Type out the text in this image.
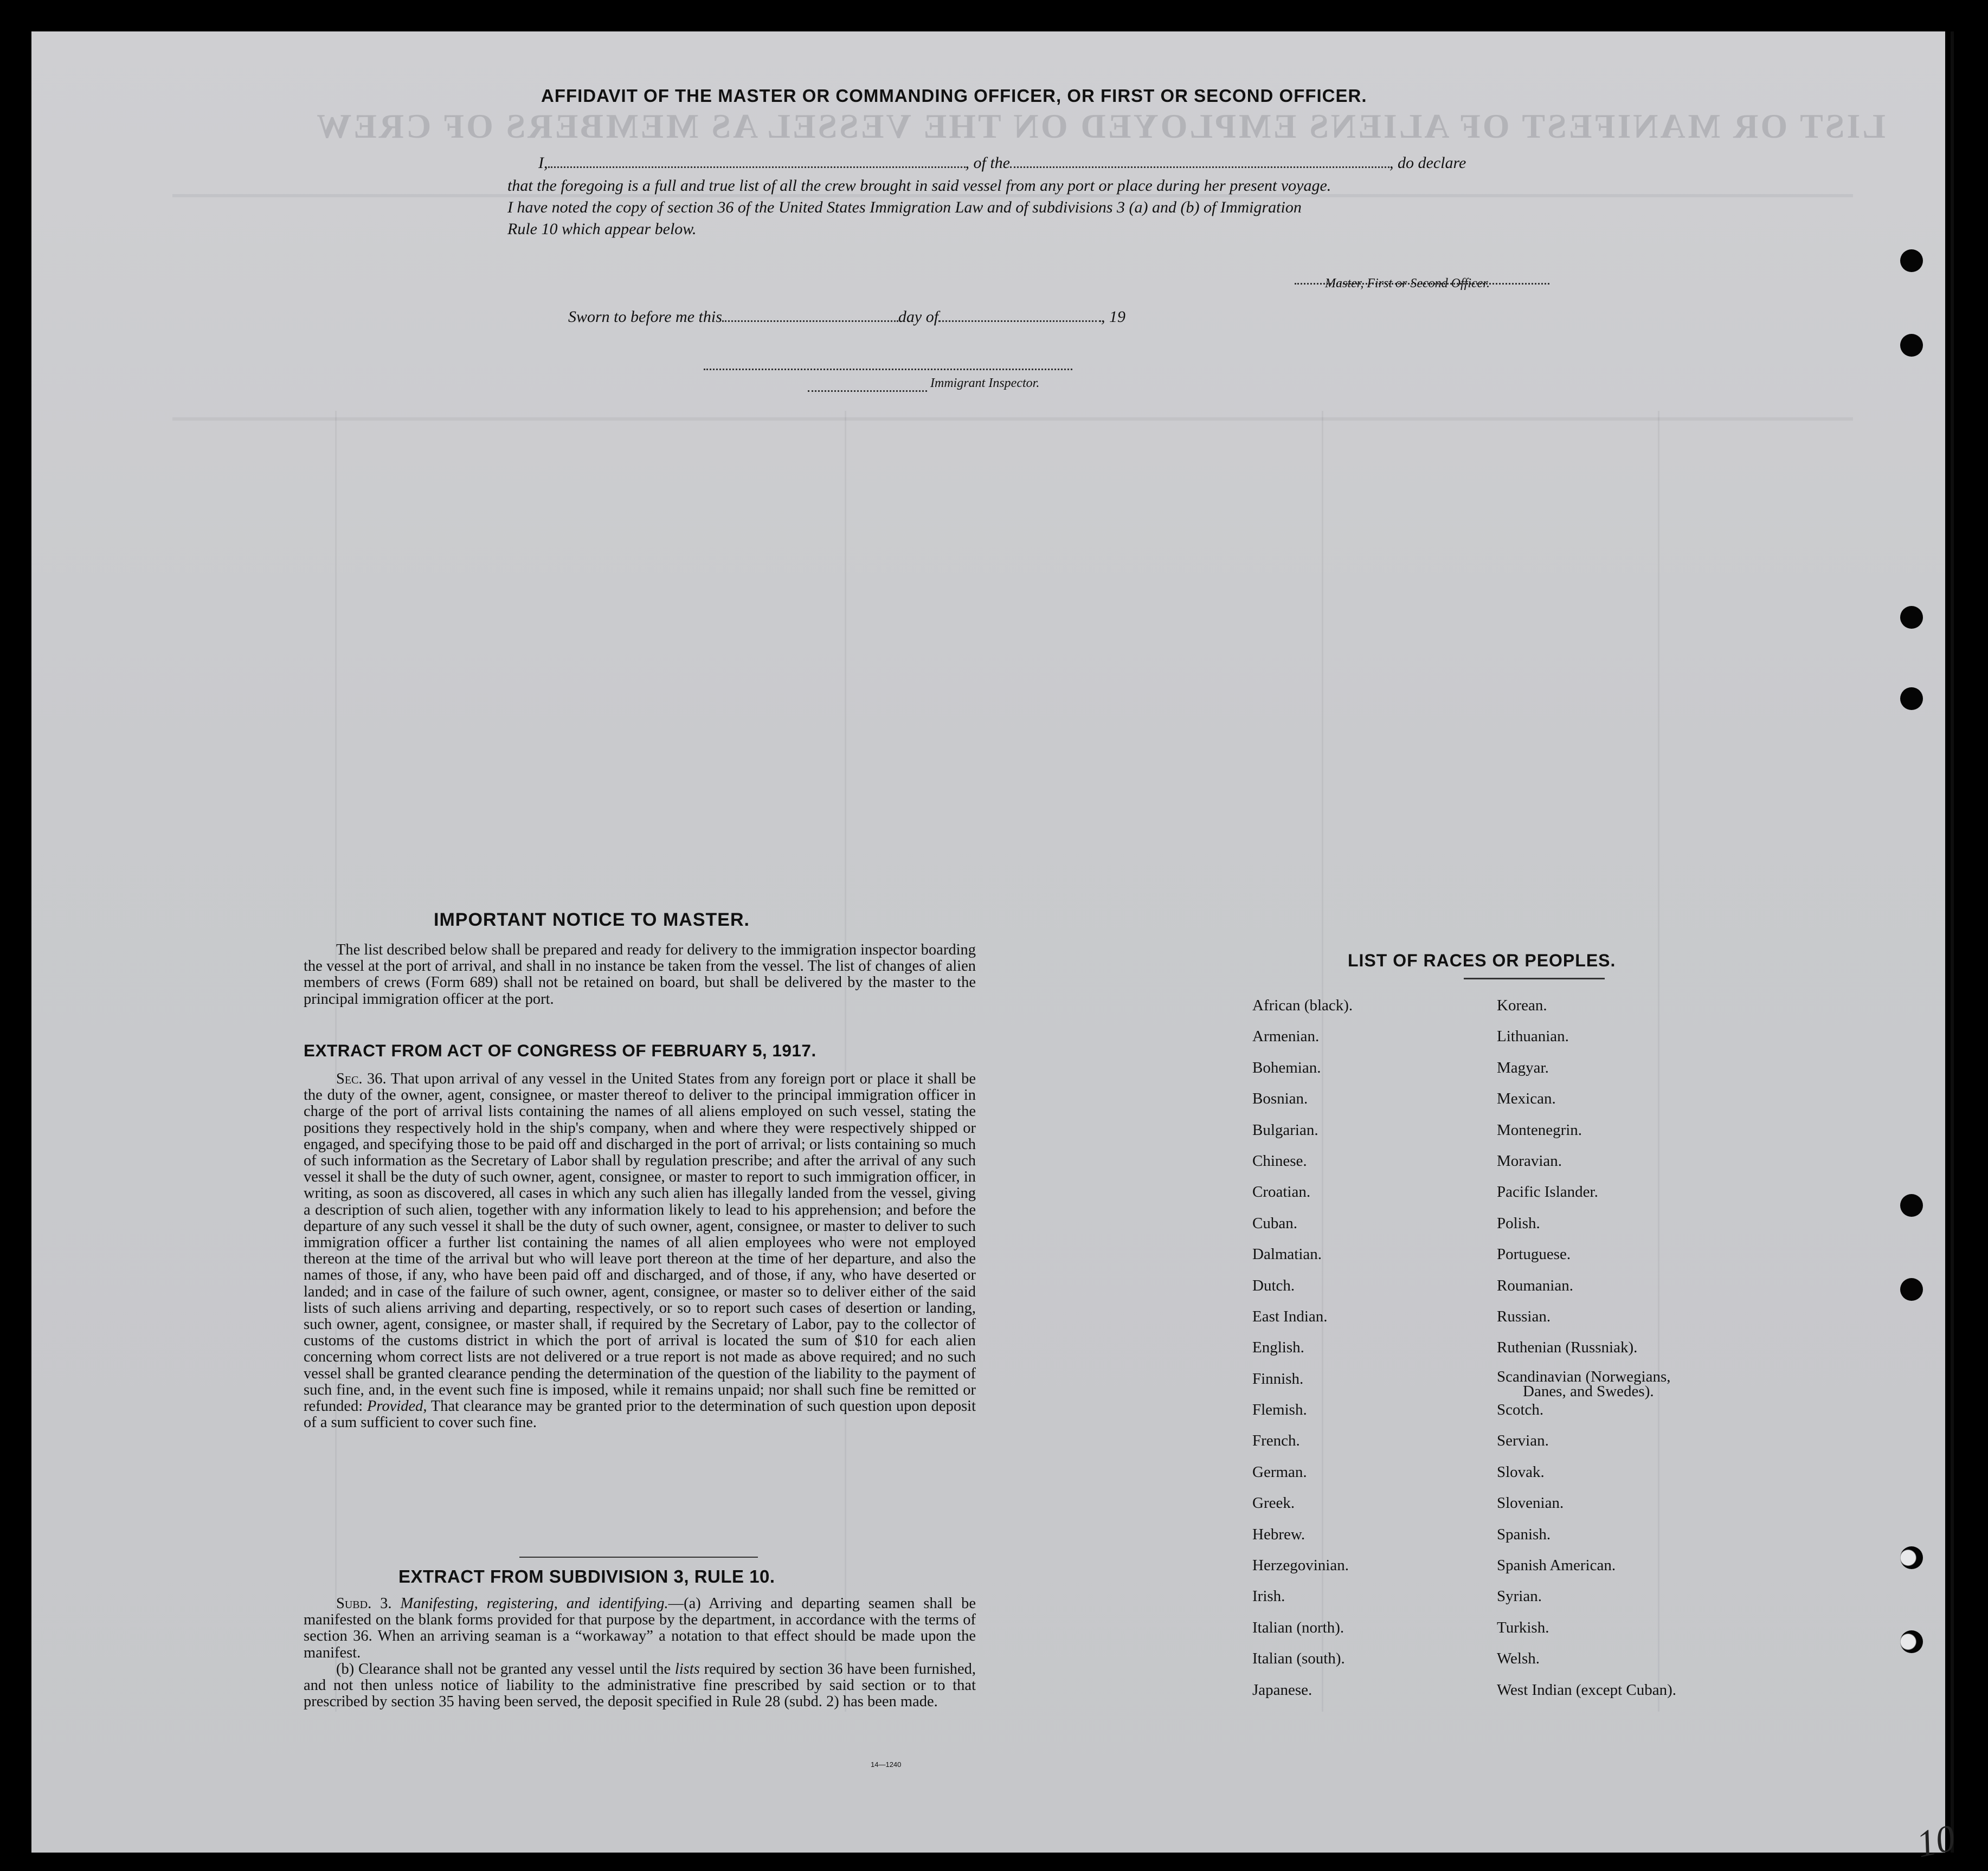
LIST OR MANIFEST OF ALIENS EMPLOYED ON THE VESSEL AS MEMBERS OF CREW
AFFIDAVIT OF THE MASTER OR COMMANDING OFFICER, OR FIRST OR SECOND OFFICER.
I,	, of the	, do declare
that the foregoing is a full and true list of all the crew brought in said vessel from any port or place during her present voyage.
I have noted the copy of section 36 of the United States Immigration Law and of subdivisions 3 (a) and (b) of Immigration
Rule 10 which appear below.
Master, First or Second Officer.
Sworn to before me this	day of	, 19
Immigrant Inspector.
IMPORTANT NOTICE TO MASTER.

The list described below shall be prepared and ready for delivery to the immigration inspector boarding the vessel at the port of arrival, and shall in no instance be taken from the vessel. The list of changes of alien members of crews (Form 689) shall not be retained on board, but shall be delivered by the master to the principal immigration officer at the port.

EXTRACT FROM ACT OF CONGRESS OF FEBRUARY 5, 1917.

Sec. 36. That upon arrival of any vessel in the United States from any foreign port or place it shall be the duty of the owner, agent, consignee, or master thereof to deliver to the principal immigration officer in charge of the port of arrival lists containing the names of all aliens employed on such vessel, stating the positions they respectively hold in the ship's company, when and where they were respectively shipped or engaged, and specifying those to be paid off and discharged in the port of arrival; or lists containing so much of such information as the Secretary of Labor shall by regulation prescribe; and after the arrival of any such vessel it shall be the duty of such owner, agent, consignee, or master to report to such immigration officer, in writing, as soon as discovered, all cases in which any such alien has illegally landed from the vessel, giving a description of such alien, together with any information likely to lead to his apprehension; and before the departure of any such vessel it shall be the duty of such owner, agent, consignee, or master to deliver to such immigration officer a further list containing the names of all alien employees who were not employed thereon at the time of the arrival but who will leave port thereon at the time of her departure, and also the names of those, if any, who have been paid off and discharged, and of those, if any, who have deserted or landed; and in case of the failure of such owner, agent, consignee, or master so to deliver either of the said lists of such aliens arriving and departing, respectively, or so to report such cases of desertion or landing, such owner, agent, consignee, or master shall, if required by the Secretary of Labor, pay to the collector of customs of the customs district in which the port of arrival is located the sum of $10 for each alien concerning whom correct lists are not delivered or a true report is not made as above required; and no such vessel shall be granted clearance pending the determination of the question of the liability to the payment of such fine, and, in the event such fine is imposed, while it remains unpaid; nor shall such fine be remitted or refunded: Provided, That clearance may be granted prior to the determination of such question upon deposit of a sum sufficient to cover such fine.

EXTRACT FROM SUBDIVISION 3, RULE 10.

Subd. 3. Manifesting, registering, and identifying.—(a) Arriving and departing seamen shall be manifested on the blank forms provided for that purpose by the department, in accordance with the terms of section 36. When an arriving seaman is a “workaway” a notation to that effect should be made upon the manifest.

(b) Clearance shall not be granted any vessel until the lists required by section 36 have been furnished, and not then unless notice of liability to the administrative fine prescribed by said section or to that prescribed by section 35 having been served, the deposit specified in Rule 28 (subd. 2) has been made.

14—1240
LIST OF RACES OR PEOPLES.
African (black).
Armenian.
Bohemian.
Bosnian.
Bulgarian.
Chinese.
Croatian.
Cuban.
Dalmatian.
Dutch.
East Indian.
English.
Finnish.
Flemish.
French.
German.
Greek.
Hebrew.
Herzegovinian.
Irish.
Italian (north).
Italian (south).
Japanese.
Korean.
Lithuanian.
Magyar.
Mexican.
Montenegrin.
Moravian.
Pacific Islander.
Polish.
Portuguese.
Roumanian.
Russian.
Ruthenian (Russniak).
Scandinavian (Norwegians,
Danes, and Swedes).
Scotch.
Servian.
Slovak.
Slovenian.
Spanish.
Spanish American.
Syrian.
Turkish.
Welsh.
West Indian (except Cuban).
10
